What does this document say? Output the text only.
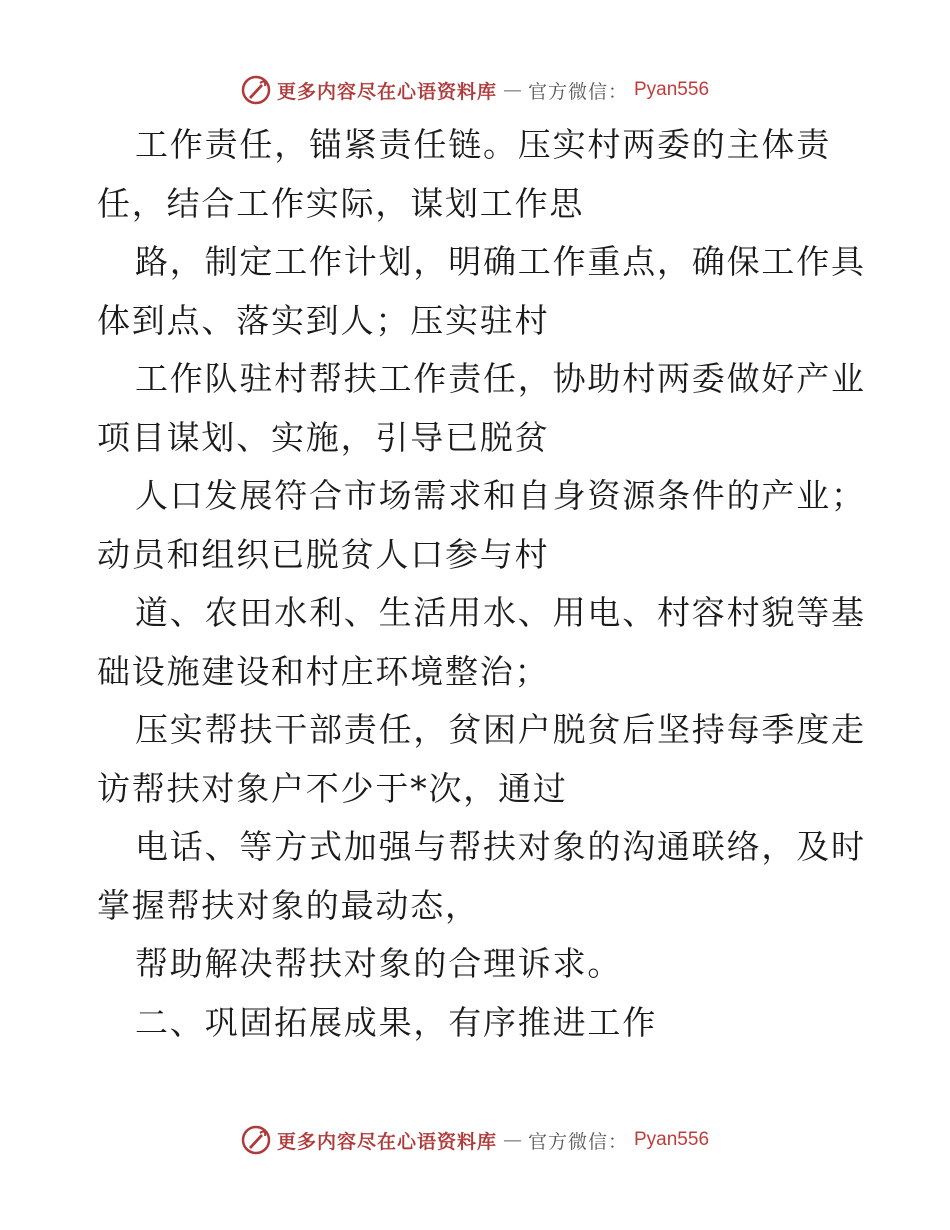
更多内容尽在心语资料库 — 官方微信： Pyan556
工作责任，锚紧责任链。压实村两委的主体责
任，结合工作实际，谋划工作思
路，制定工作计划，明确工作重点，确保工作具
体到点、落实到人；压实驻村
工作队驻村帮扶工作责任，协助村两委做好产业
项目谋划、实施，引导已脱贫
人口发展符合市场需求和自身资源条件的产业；
动员和组织已脱贫人口参与村
道、农田水利、生活用水、用电、村容村貌等基
础设施建设和村庄环境整治；
压实帮扶干部责任，贫困户脱贫后坚持每季度走
访帮扶对象户不少于*次，通过
电话、等方式加强与帮扶对象的沟通联络，及时
掌握帮扶对象的最动态，
帮助解决帮扶对象的合理诉求。
二、巩固拓展成果，有序推进工作
更多内容尽在心语资料库 — 官方微信： Pyan556
